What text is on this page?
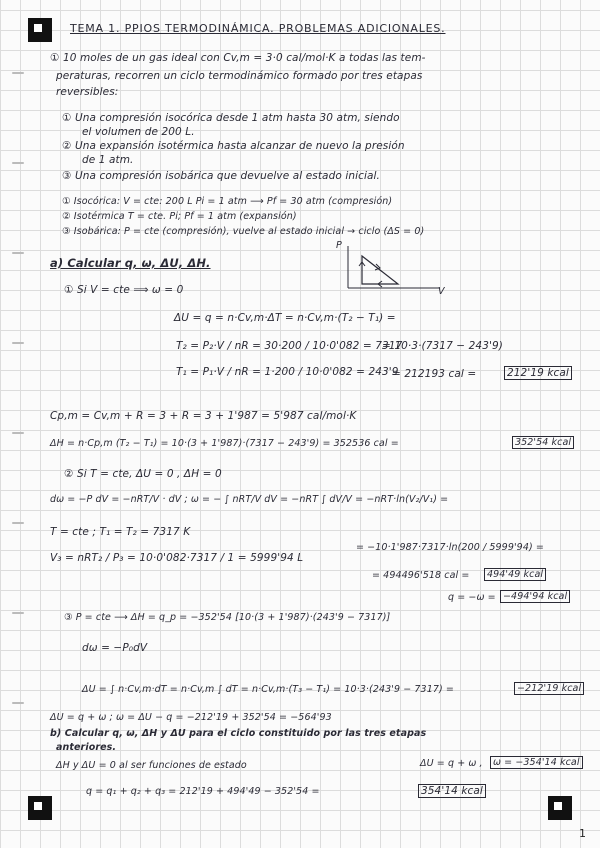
TEMA 1. PPIOS TERMODINÁMICA. PROBLEMAS ADICIONALES.
① 10 moles de un gas ideal con Cv,m = 3·0 cal/mol·K a todas las tem-
peraturas, recorren un ciclo termodinámico formado por tres etapas
reversibles:
① Una compresión isocórica desde 1 atm hasta 30 atm, siendo
el volumen de 200 L.
② Una expansión isotérmica hasta alcanzar de nuevo la presión
de 1 atm.
③ Una compresión isobárica que devuelve al estado inicial.
① Isocórica: V = cte: 200 L Pi = 1 atm ⟶ Pf = 30 atm (compresión)
② Isotérmica T = cte. Pi; Pf = 1 atm (expansión)
③ Isobárica: P = cte (compresión), vuelve al estado inicial → ciclo (ΔS = 0)
a) Calcular q, ω, ΔU, ΔH.
P
V
① Si V = cte ⟹ ω = 0
ΔU = q = n·Cv,m·ΔT = n·Cv,m·(T₂ − T₁) =
T₂ = P₂·V / nR = 30·200 / 10·0'082 = 7317
T₁ = P₁·V / nR = 1·200 / 10·0'082 = 243'9
= 10·3·(7317 − 243'9)
= 212193 cal =	212'19 kcal
Cp,m = Cv,m + R = 3 + R = 3 + 1'987 = 5'987 cal/mol·K
ΔH = n·Cp,m (T₂ − T₁) = 10·(3 + 1'987)·(7317 − 243'9) = 352536 cal =	352'54 kcal
② Si T = cte, ΔU = 0 , ΔH = 0
dω = −P dV = −nRT/V · dV ; ω = − ∫ nRT/V dV = −nRT ∫ dV/V = −nRT·ln(V₂/V₁) =
T = cte ; T₁ = T₂ = 7317 K
V₃ = nRT₂ / P₃ = 10·0'082·7317 / 1 = 5999'94 L
= −10·1'987·7317·ln(200 / 5999'94) =
= 494496'518 cal =	494'49 kcal
q = −ω = −494'94 kcal
③ P = cte ⟶ ΔH = q_p = −352'54 [10·(3 + 1'987)·(243'9 − 7317)]
dω = −P₀dV
ΔU = ∫ n·Cv,m·dT = n·Cv,m ∫ dT = n·Cv,m·(T₃ − T₁) = 10·3·(243'9 − 7317) =	−212'19 kcal
ΔU = q + ω ; ω = ΔU − q = −212'19 + 352'54 = −564'93
b) Calcular q, ω, ΔH y ΔU para el ciclo constituido por las tres etapas
anteriores.
ΔH y ΔU = 0 al ser funciones de estado	ΔU = q + ω ,	ω = −354'14 kcal
q = q₁ + q₂ + q₃ = 212'19 + 494'49 − 352'54 =	354'14 kcal
1
